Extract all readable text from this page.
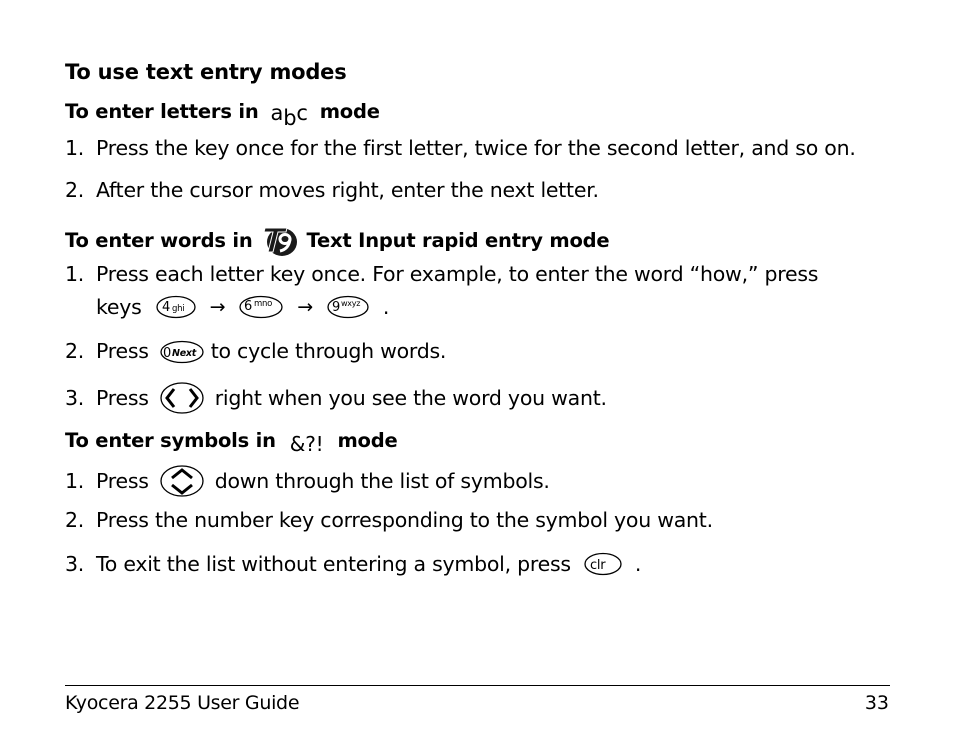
To use text entry modes
To enter letters in abc mode
1. Press the key once for the first letter, twice for the second letter, and so on.
2. After the cursor moves right, enter the next letter.
To enter words in	Text Input rapid entry mode
1. Press each letter key once. For example, to enter the word “how,” press
keys 4 ghi → 6 mno → 9 wxyz .
2. Press 0 Next to cycle through words.
3. Press	right when you see the word you want.
To enter symbols in &?! mode
1. Press	down through the list of symbols.
2. Press the number key corresponding to the symbol you want.
3. To exit the list without entering a symbol, press clr .
Kyocera 2255 User Guide	33
